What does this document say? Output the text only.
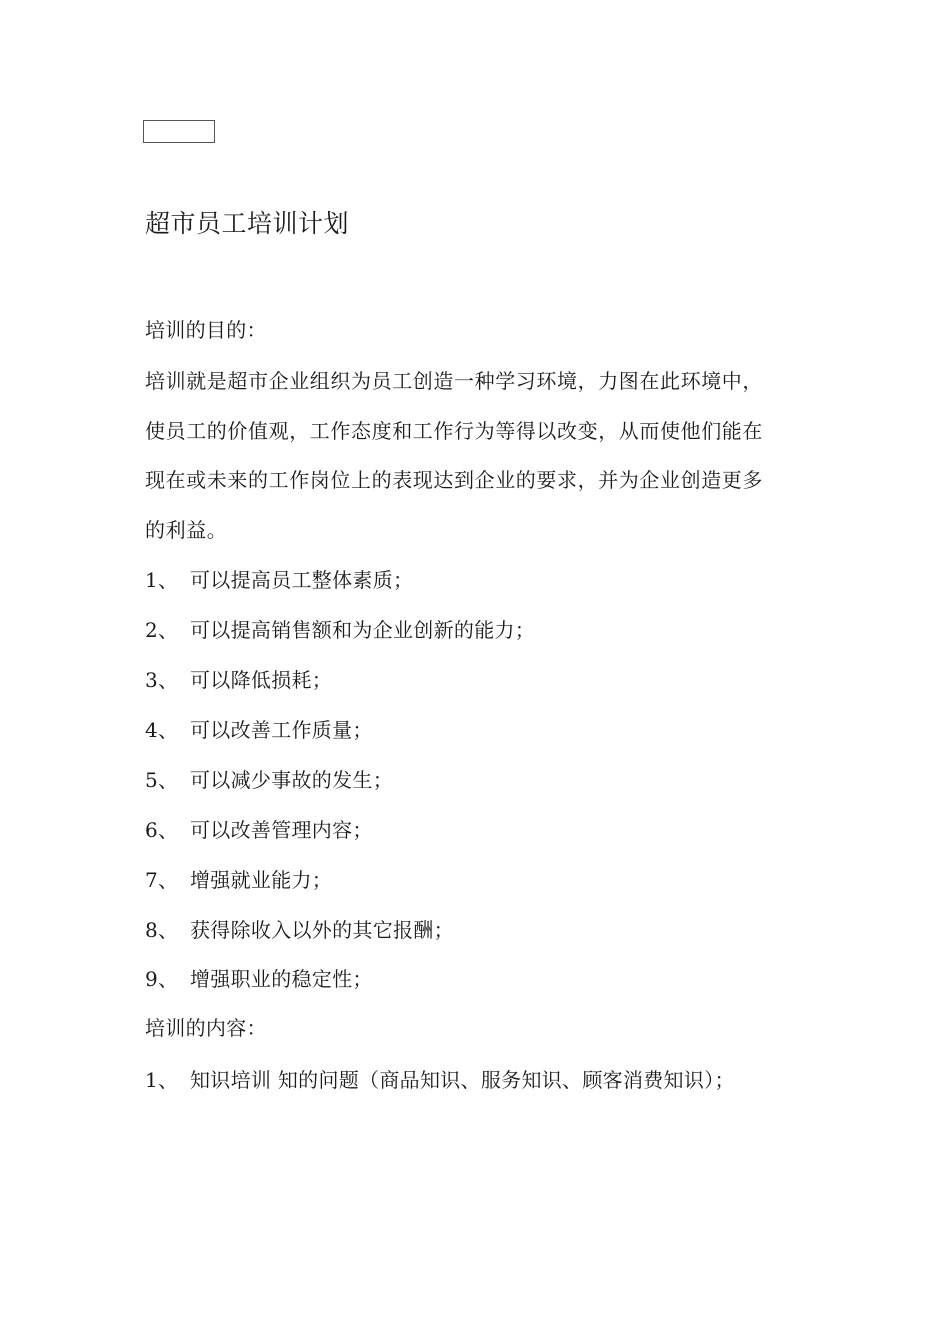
超市员工培训计划
培训的目的：
培训就是超市企业组织为员工创造一种学习环境，力图在此环境中，
使员工的价值观，工作态度和工作行为等得以改变，从而使他们能在
现在或未来的工作岗位上的表现达到企业的要求，并为企业创造更多
的利益。
1、 可以提高员工整体素质；
2、 可以提高销售额和为企业创新的能力；
3、 可以降低损耗；
4、 可以改善工作质量；
5、 可以减少事故的发生；
6、 可以改善管理内容；
7、 增强就业能力；
8、 获得除收入以外的其它报酬；
9、 增强职业的稳定性；
培训的内容：
1、 知识培训 知的问题（商品知识、服务知识、顾客消费知识）；
